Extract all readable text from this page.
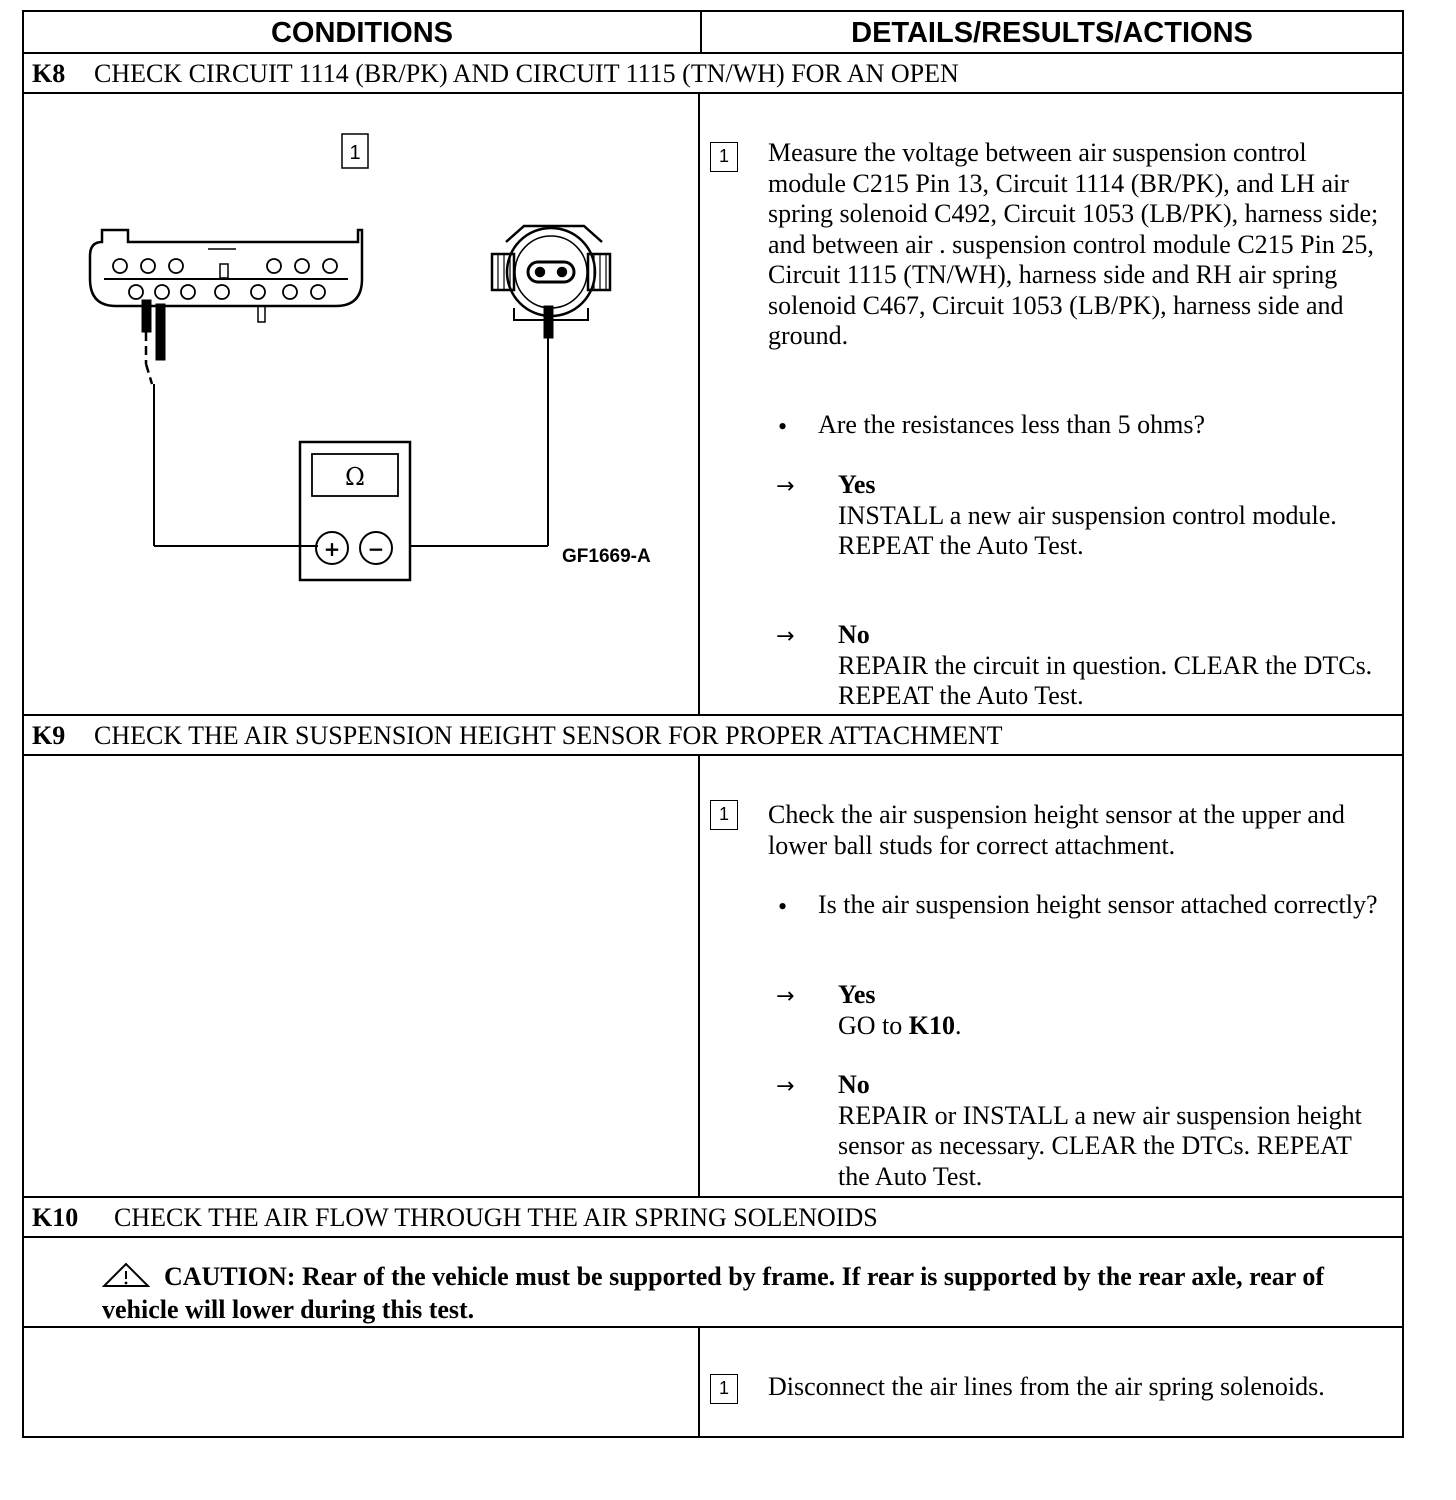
CONDITIONS	DETAILS/RESULTS/ACTIONS
K8 CHECK CIRCUIT 1114 (BR/PK) AND CIRCUIT 1115 (TN/WH) FOR AN OPEN
1
Ω
+ −	GF1669-A
1	Measure the voltage between air suspension control module C215 Pin 13, Circuit 1114 (BR/PK), and LH air spring solenoid C492, Circuit 1053 (LB/PK), harness side; and between air . suspension control module C215 Pin 25, Circuit 1115 (TN/WH), harness side and RH air spring solenoid C467, Circuit 1053 (LB/PK), harness side and ground.
• Are the resistances less than 5 ohms?
→ Yes
INSTALL a new air suspension control module. REPEAT the Auto Test.
→ No
REPAIR the circuit in question. CLEAR the DTCs. REPEAT the Auto Test.
K9 CHECK THE AIR SUSPENSION HEIGHT SENSOR FOR PROPER ATTACHMENT
1	Check the air suspension height sensor at the upper and lower ball studs for correct attachment.
• Is the air suspension height sensor attached correctly?
→ Yes
GO to K10.
→ No
REPAIR or INSTALL a new air suspension height sensor as necessary. CLEAR the DTCs. REPEAT the Auto Test.
K10 CHECK THE AIR FLOW THROUGH THE AIR SPRING SOLENOIDS
CAUTION: Rear of the vehicle must be supported by frame. If rear is supported by the rear axle, rear of vehicle will lower during this test.
1	Disconnect the air lines from the air spring solenoids.
